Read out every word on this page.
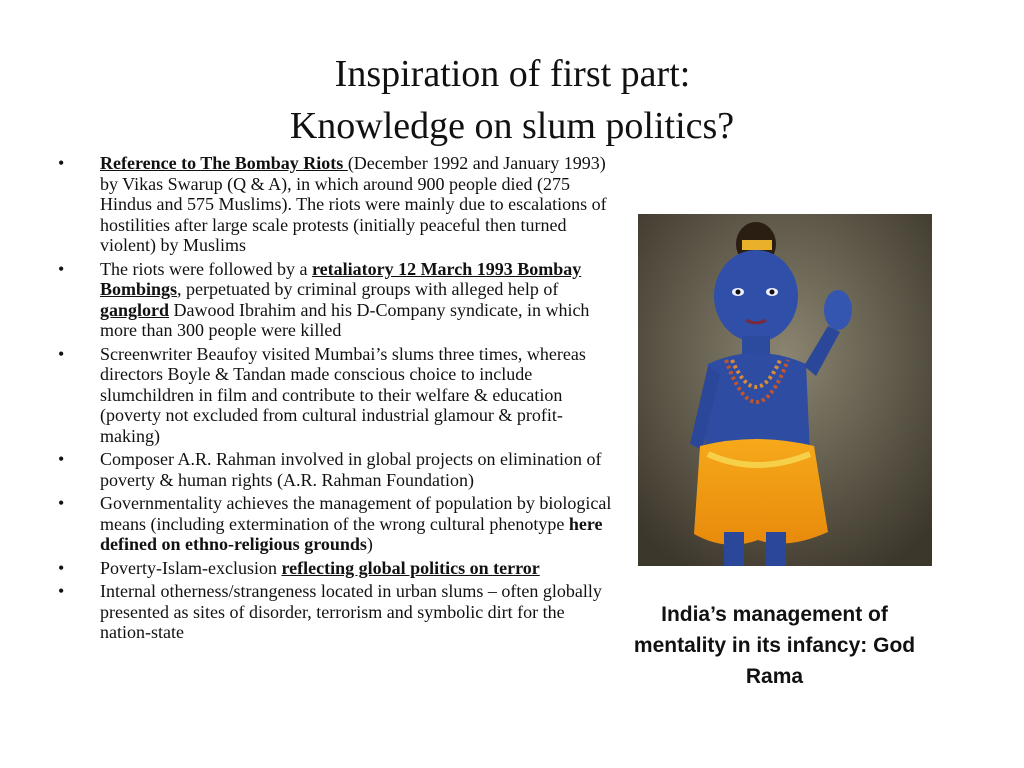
Inspiration of first part:
Knowledge on slum politics?
• Reference to The Bombay Riots (December 1992 and January 1993) by Vikas Swarup (Q & A), in which around 900 people died (275 Hindus and 575 Muslims). The riots were mainly due to escalations of hostilities after large scale protests (initially peaceful then turned violent) by Muslims
• The riots were followed by a retaliatory 12 March 1993 Bombay Bombings, perpetuated by criminal groups with alleged help of ganglord Dawood Ibrahim and his D-Company syndicate, in which more than 300 people were killed
• Screenwriter Beaufoy visited Mumbai’s slums three times, whereas directors Boyle & Tandan made conscious choice to include slumchildren in film and contribute to their welfare & education (poverty not excluded from cultural industrial glamour & profit-making)
• Composer A.R. Rahman involved in global projects on elimination of poverty & human rights (A.R. Rahman Foundation)
• Governmentality achieves the management of population by biological means (including extermination of the wrong cultural phenotype here defined on ethno-religious grounds)
• Poverty-Islam-exclusion reflecting global politics on terror
• Internal otherness/strangeness located in urban slums – often globally presented as sites of disorder, terrorism and symbolic dirt for the nation-state
India’s management of mentality in its infancy: God Rama
